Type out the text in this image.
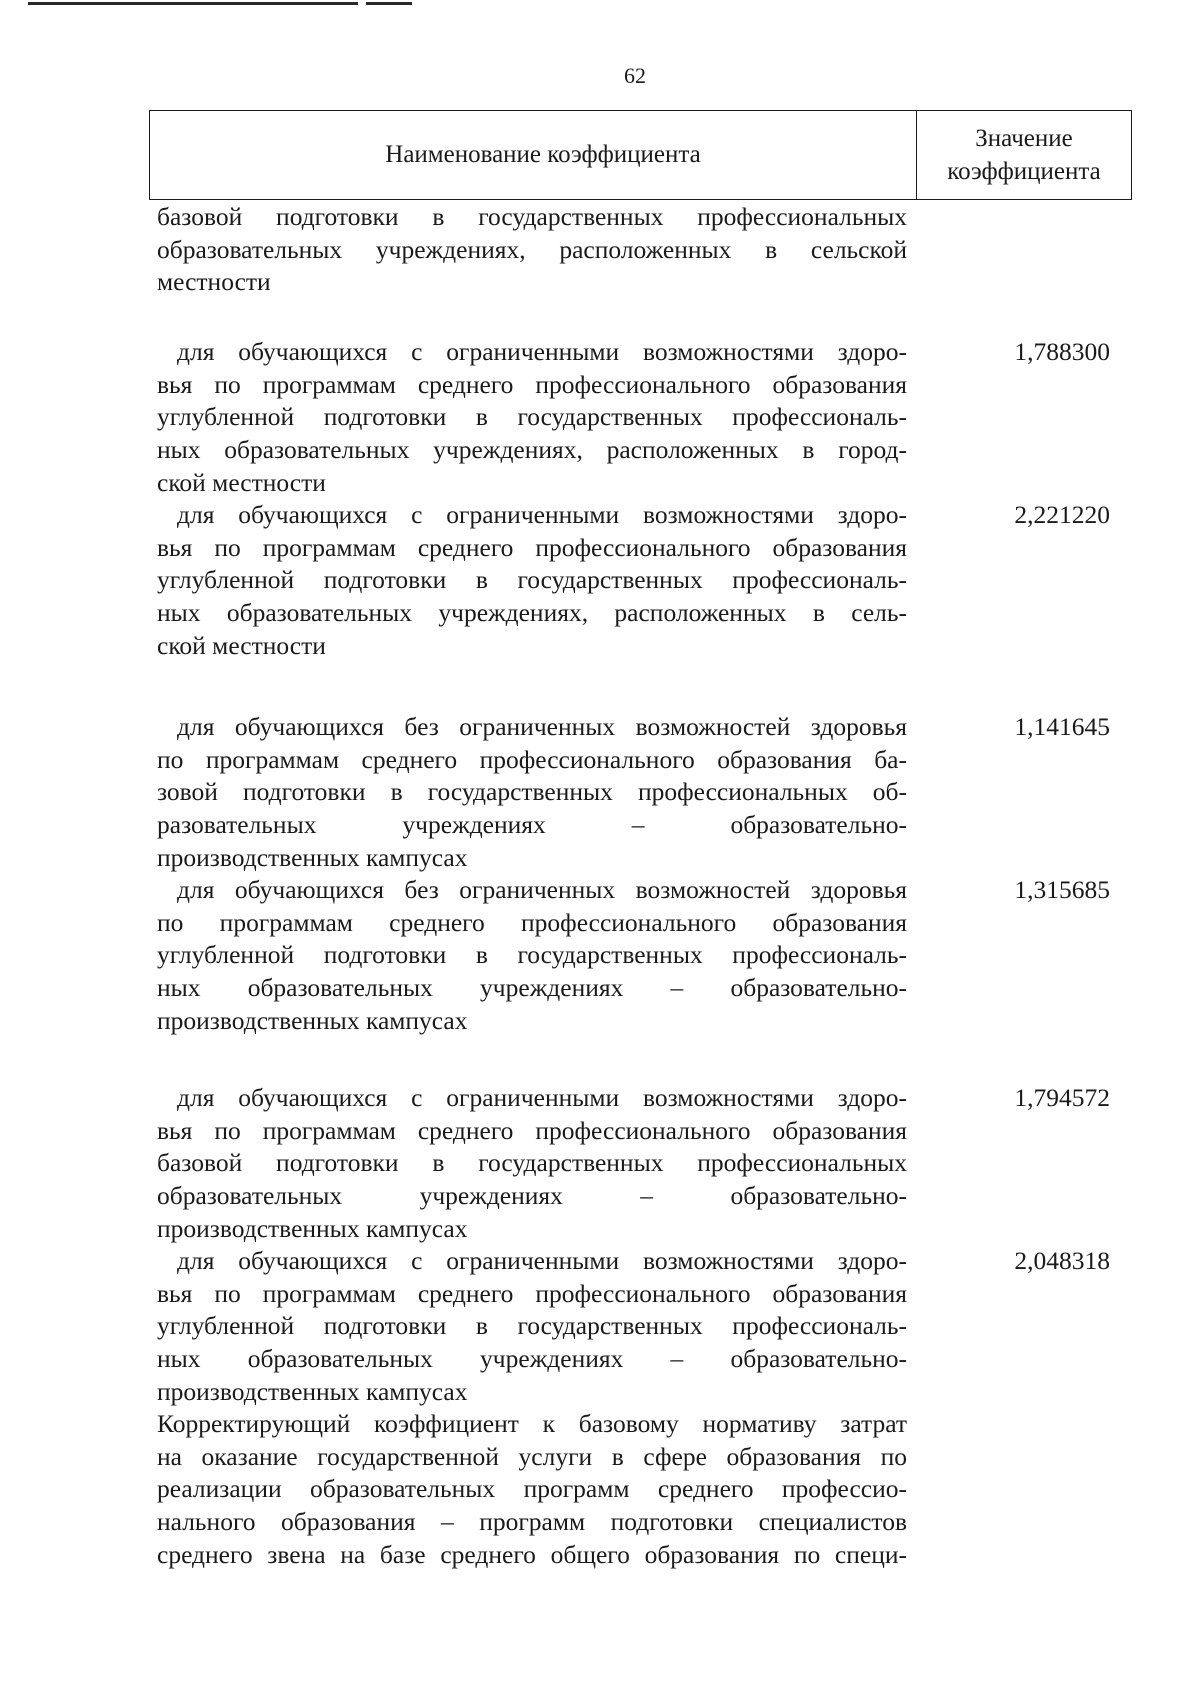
62
Наименование коэффициента
Значение
коэффициента
базовой подготовки в государственных профессиональных
образовательных учреждениях, расположенных в сельской
местности
для обучающихся с ограниченными возможностями здоро-
вья по программам среднего профессионального образования
углубленной подготовки в государственных профессиональ-
ных образовательных учреждениях, расположенных в город-
ской местности
1,788300
для обучающихся с ограниченными возможностями здоро-
вья по программам среднего профессионального образования
углубленной подготовки в государственных профессиональ-
ных образовательных учреждениях, расположенных в сель-
ской местности
2,221220
для обучающихся без ограниченных возможностей здоровья
по программам среднего профессионального образования ба-
зовой подготовки в государственных профессиональных об-
разовательных учреждениях – образовательно-
производственных кампусах
1,141645
для обучающихся без ограниченных возможностей здоровья
по программам среднего профессионального образования
углубленной подготовки в государственных профессиональ-
ных образовательных учреждениях – образовательно-
производственных кампусах
1,315685
для обучающихся с ограниченными возможностями здоро-
вья по программам среднего профессионального образования
базовой подготовки в государственных профессиональных
образовательных учреждениях – образовательно-
производственных кампусах
1,794572
для обучающихся с ограниченными возможностями здоро-
вья по программам среднего профессионального образования
углубленной подготовки в государственных профессиональ-
ных образовательных учреждениях – образовательно-
производственных кампусах
2,048318
Корректирующий коэффициент к базовому нормативу затрат
на оказание государственной услуги в сфере образования по
реализации образовательных программ среднего профессио-
нального образования – программ подготовки специалистов
среднего звена на базе среднего общего образования по специ-
